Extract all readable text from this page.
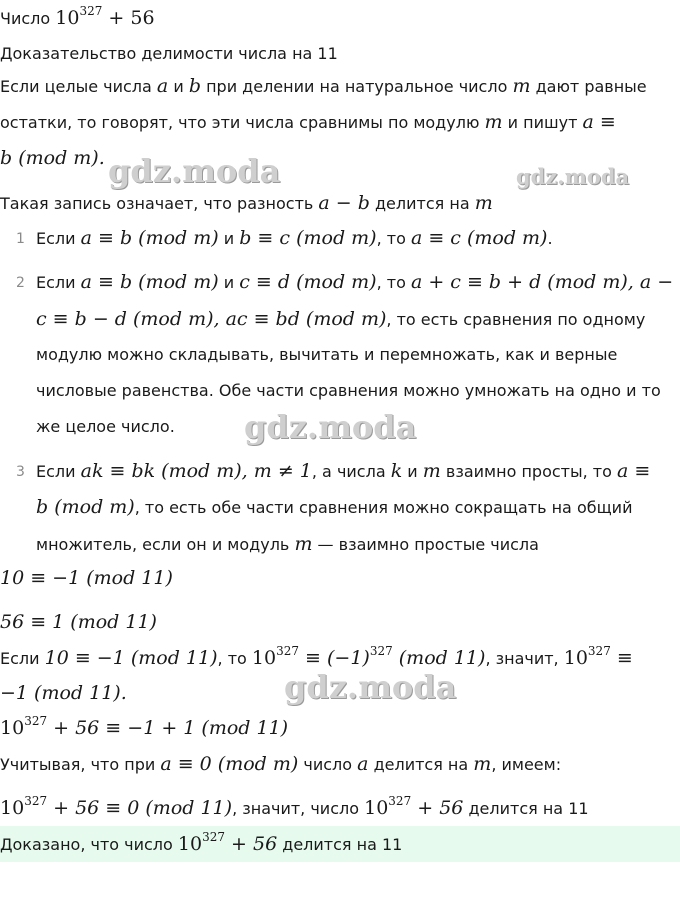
Число $10^{327} + 56$
Доказательство делимости числа на 11
Если целые числа a и b при делении на натуральное число m дают равные
остатки, то говорят, что эти числа сравнимы по модулю m и пишут a ≡
b (mod m).
Такая запись означает, что разность a − b делится на m
1 Если a ≡ b (mod m) и b ≡ c (mod m), то a ≡ c (mod m).
2 Если a ≡ b (mod m) и c ≡ d (mod m), то a + c ≡ b + d (mod m), a −
c ≡ b − d (mod m), ac ≡ bd (mod m), то есть сравнения по одному
модулю можно складывать, вычитать и перемножать, как и верные
числовые равенства. Обе части сравнения можно умножать на одно и то
же целое число.
3 Если ak ≡ bk (mod m), m ≠ 1, а числа k и m взаимно просты, то a ≡
b (mod m), то есть обе части сравнения можно сокращать на общий
множитель, если он и модуль m — взаимно простые числа
10 ≡ −1 (mod 11)
56 ≡ 1 (mod 11)
Если 10 ≡ −1 (mod 11), то $10^{327} \equiv (-1)^{327}$ (mod 11), значит, $10^{327}$ ≡
−1 (mod 11).
$10^{327} + 56 \equiv -1 + 1$ (mod 11)
Учитывая, что при a ≡ 0 (mod m) число a делится на m, имеем:
$10^{327} + 56 \equiv 0$ (mod 11), значит, число $10^{327} + 56$ делится на 11
Доказано, что число $10^{327} + 56$ делится на 11
gdz.moda	gdz.moda
gdz.moda
gdz.moda
